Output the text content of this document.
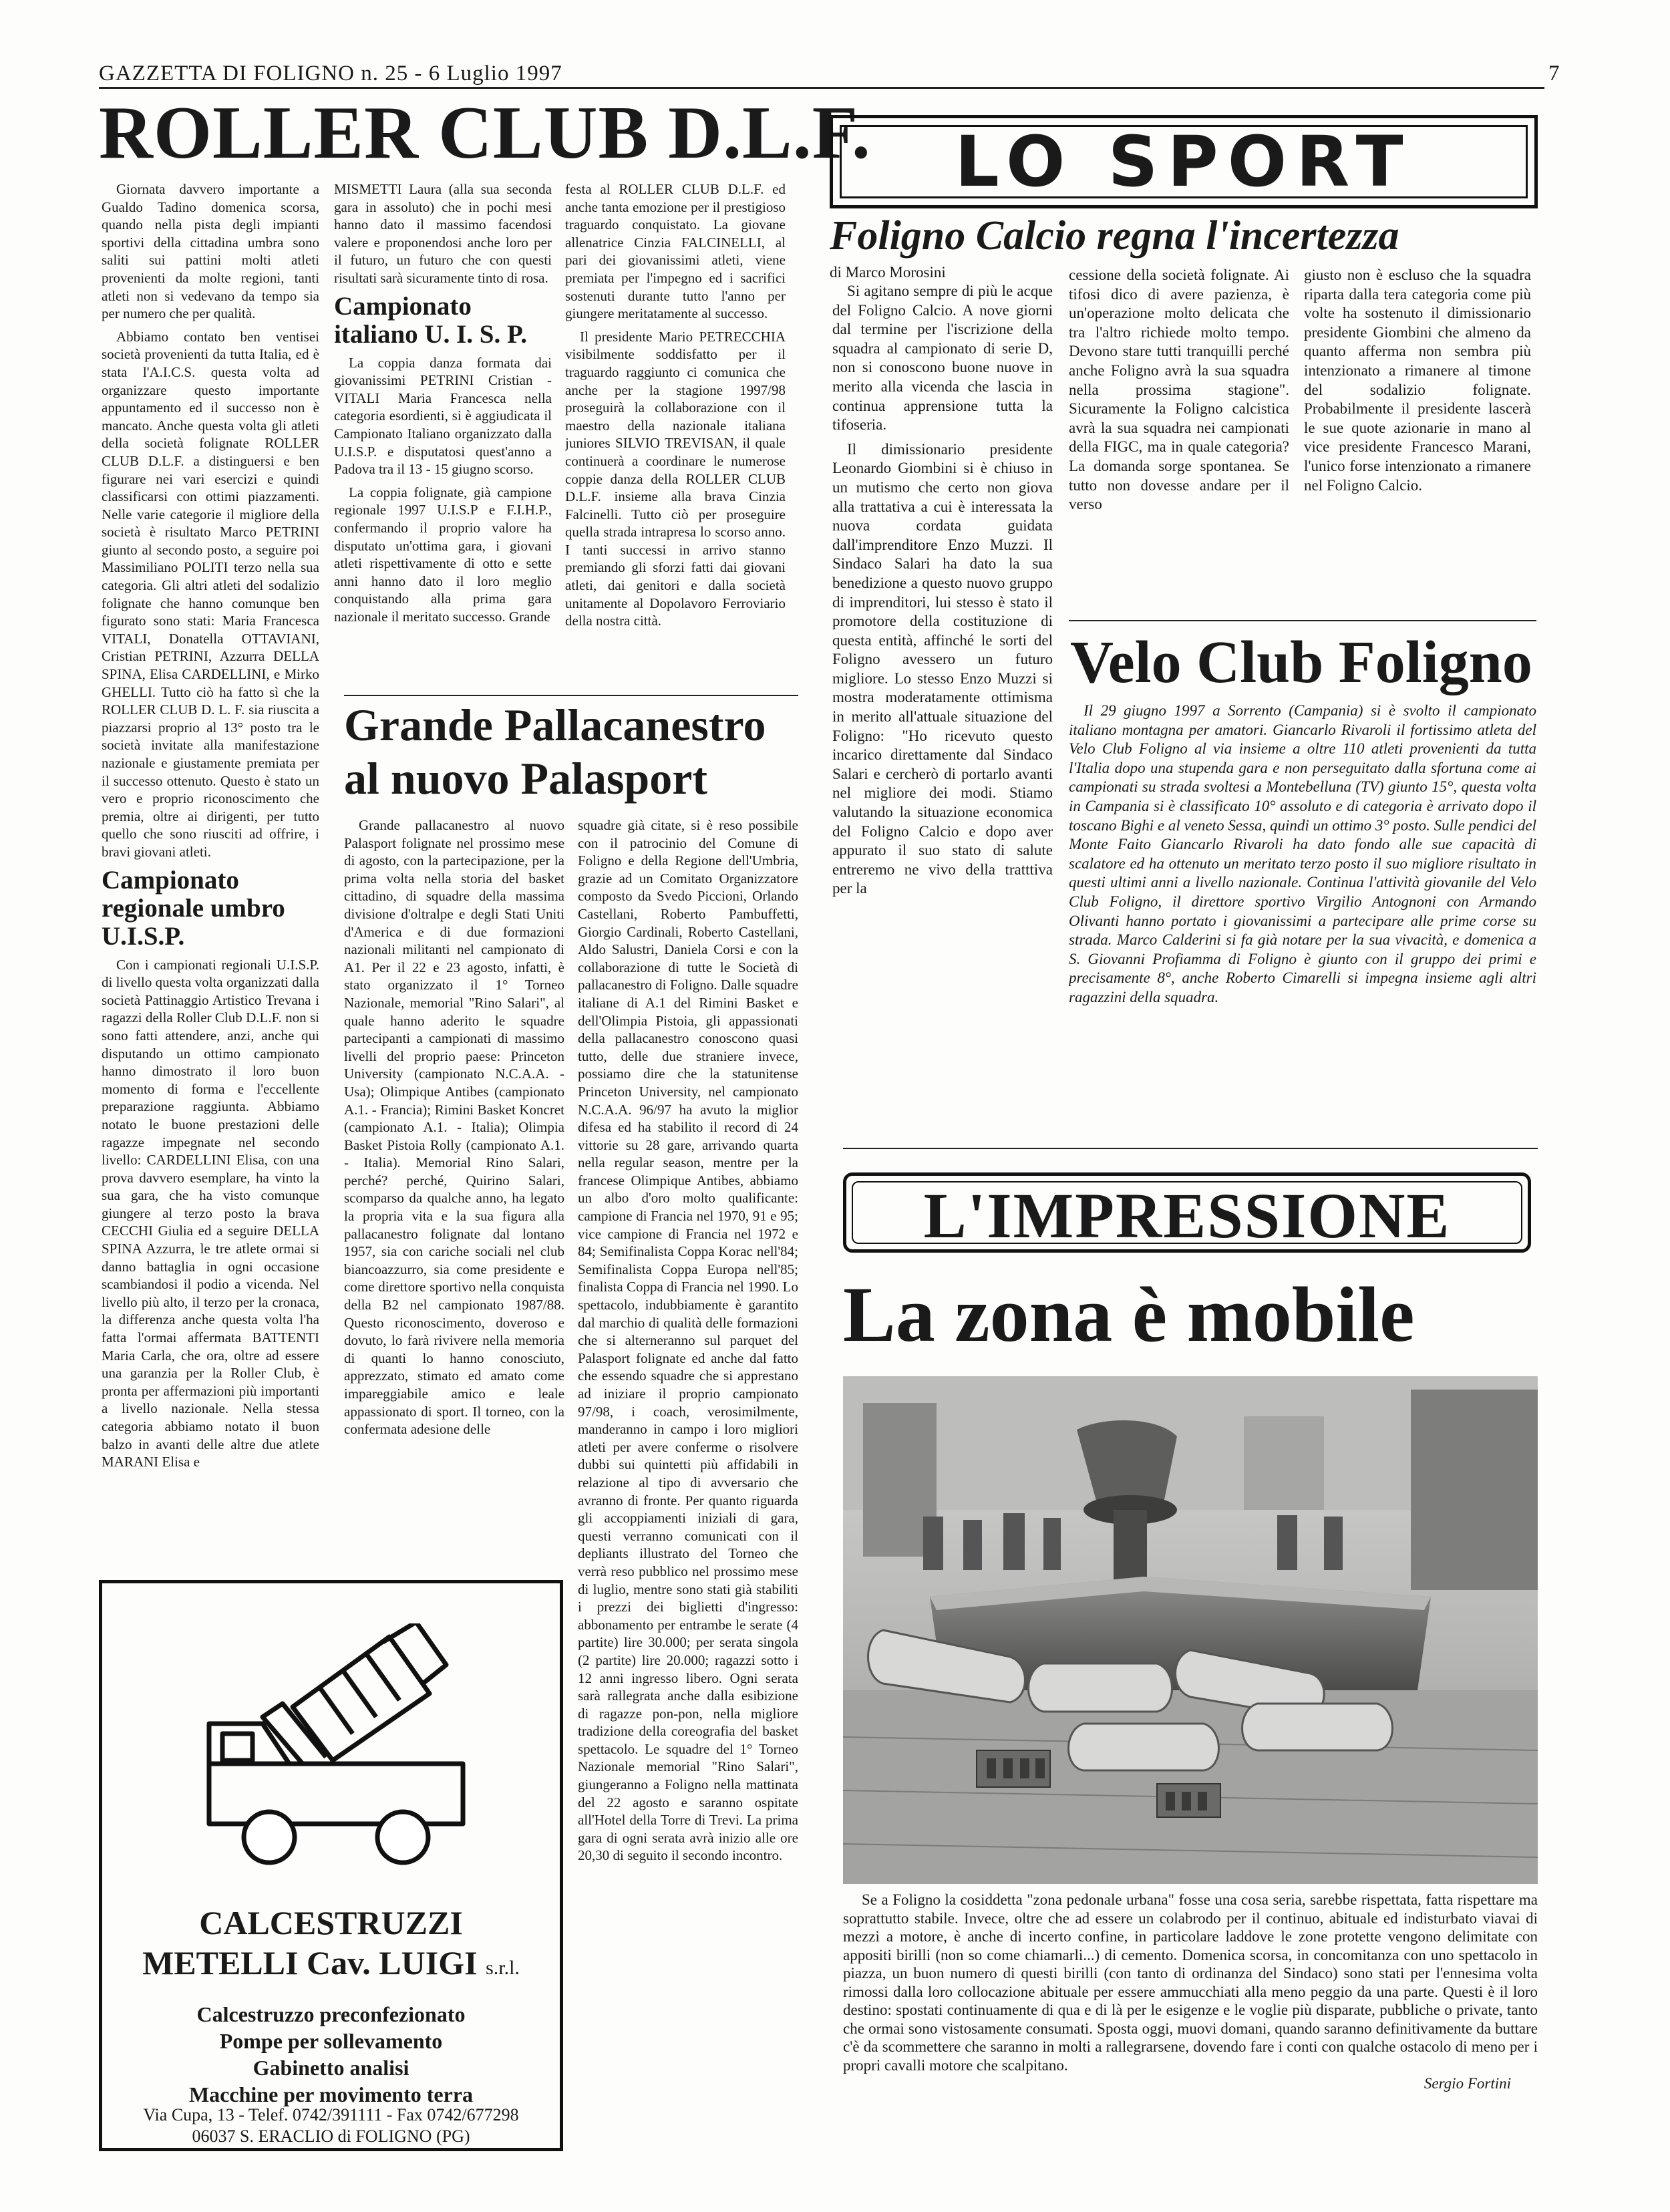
GAZZETTA DI FOLIGNO n. 25 - 6 Luglio 1997	7
ROLLER CLUB D.L.F.

Giornata davvero importante a Gualdo Tadino domenica scorsa, quando nella pista degli impianti sportivi della cittadina umbra sono saliti sui pattini molti atleti provenienti da molte regioni, tanti atleti non si vedevano da tempo sia per numero che per qualità.

Abbiamo contato ben ventisei società provenienti da tutta Italia, ed è stata l'A.I.C.S. questa volta ad organizzare questo importante appuntamento ed il successo non è mancato. Anche questa volta gli atleti della società folignate ROLLER CLUB D.L.F. a distinguersi e ben figurare nei vari esercizi e quindi classificarsi con ottimi piazzamenti. Nelle varie categorie il migliore della società è risultato Marco PETRINI giunto al secondo posto, a seguire poi Massimiliano POLITI terzo nella sua categoria. Gli altri atleti del sodalizio folignate che hanno comunque ben figurato sono stati: Maria Francesca VITALI, Donatella OTTAVIANI, Cristian PETRINI, Azzurra DELLA SPINA, Elisa CARDELLINI, e Mirko GHELLI. Tutto ciò ha fatto sì che la ROLLER CLUB D. L. F. sia riuscita a piazzarsi proprio al 13° posto tra le società invitate alla manifestazione nazionale e giustamente premiata per il successo ottenuto. Questo è stato un vero e proprio riconoscimento che premia, oltre ai dirigenti, per tutto quello che sono riusciti ad offrire, i bravi giovani atleti.

Campionato regionale umbro U.I.S.P.

Con i campionati regionali U.I.S.P. di livello questa volta organizzati dalla società Pattinaggio Artistico Trevana i ragazzi della Roller Club D.L.F. non si sono fatti attendere, anzi, anche qui disputando un ottimo campionato hanno dimostrato il loro buon momento di forma e l'eccellente preparazione raggiunta. Abbiamo notato le buone prestazioni delle ragazze impegnate nel secondo livello: CARDELLINI Elisa, con una prova davvero esemplare, ha vinto la sua gara, che ha visto comunque giungere al terzo posto la brava CECCHI Giulia ed a seguire DELLA SPINA Azzurra, le tre atlete ormai si danno battaglia in ogni occasione scambiandosi il podio a vicenda. Nel livello più alto, il terzo per la cronaca, la differenza anche questa volta l'ha fatta l'ormai affermata BATTENTI Maria Carla, che ora, oltre ad essere una garanzia per la Roller Club, è pronta per affermazioni più importanti a livello nazionale. Nella stessa categoria abbiamo notato il buon balzo in avanti delle altre due atlete MARANI Elisa e

MISMETTI Laura (alla sua seconda gara in assoluto) che in pochi mesi hanno dato il massimo facendosi valere e proponendosi anche loro per il futuro, un futuro che con questi risultati sarà sicuramente tinto di rosa.

Campionato italiano U. I. S. P.

La coppia danza formata dai giovanissimi PETRINI Cristian - VITALI Maria Francesca nella categoria esordienti, si è aggiudicata il Campionato Italiano organizzato dalla U.I.S.P. e disputatosi quest'anno a Padova tra il 13 - 15 giugno scorso.

La coppia folignate, già campione regionale 1997 U.I.S.P e F.I.H.P., confermando il proprio valore ha disputato un'ottima gara, i giovani atleti rispettivamente di otto e sette anni hanno dato il loro meglio conquistando alla prima gara nazionale il meritato successo. Grande

festa al ROLLER CLUB D.L.F. ed anche tanta emozione per il prestigioso traguardo conquistato. La giovane allenatrice Cinzia FALCINELLI, al pari dei giovanissimi atleti, viene premiata per l'impegno ed i sacrifici sostenuti durante tutto l'anno per giungere meritatamente al successo.

Il presidente Mario PETRECCHIA visibilmente soddisfatto per il traguardo raggiunto ci comunica che anche per la stagione 1997/98 proseguirà la collaborazione con il maestro della nazionale italiana juniores SILVIO TREVISAN, il quale continuerà a coordinare le numerose coppie danza della ROLLER CLUB D.L.F. insieme alla brava Cinzia Falcinelli. Tutto ciò per proseguire quella strada intrapresa lo scorso anno. I tanti successi in arrivo stanno premiando gli sforzi fatti dai giovani atleti, dai genitori e dalla società unitamente al Dopolavoro Ferroviario della nostra città.

Grande Pallacanestro al nuovo Palasport

Grande pallacanestro al nuovo Palasport folignate nel prossimo mese di agosto, con la partecipazione, per la prima volta nella storia del basket cittadino, di squadre della massima divisione d'oltralpe e degli Stati Uniti d'America e di due formazioni nazionali militanti nel campionato di A1. Per il 22 e 23 agosto, infatti, è stato organizzato il 1° Torneo Nazionale, memorial "Rino Salari", al quale hanno aderito le squadre partecipanti a campionati di massimo livelli del proprio paese: Princeton University (campionato N.C.A.A. - Usa); Olimpique Antibes (campionato A.1. - Francia); Rimini Basket Koncret (campionato A.1. - Italia); Olimpia Basket Pistoia Rolly (campionato A.1. - Italia). Memorial Rino Salari, perché? perché, Quirino Salari, scomparso da qualche anno, ha legato la propria vita e la sua figura alla pallacanestro folignate dal lontano 1957, sia con cariche sociali nel club biancoazzurro, sia come presidente e come direttore sportivo nella conquista della B2 nel campionato 1987/88. Questo riconoscimento, doveroso e dovuto, lo farà rivivere nella memoria di quanti lo hanno conosciuto, apprezzato, stimato ed amato come impareggiabile amico e leale appassionato di sport. Il torneo, con la confermata adesione delle

squadre già citate, si è reso possibile con il patrocinio del Comune di Foligno e della Regione dell'Umbria, grazie ad un Comitato Organizzatore composto da Svedo Piccioni, Orlando Castellani, Roberto Pambuffetti, Giorgio Cardinali, Roberto Castellani, Aldo Salustri, Daniela Corsi e con la collaborazione di tutte le Società di pallacanestro di Foligno. Dalle squadre italiane di A.1 del Rimini Basket e dell'Olimpia Pistoia, gli appassionati della pallacanestro conoscono quasi tutto, delle due straniere invece, possiamo dire che la statunitense Princeton University, nel campionato N.C.A.A. 96/97 ha avuto la miglior difesa ed ha stabilito il record di 24 vittorie su 28 gare, arrivando quarta nella regular season, mentre per la francese Olimpique Antibes, abbiamo un albo d'oro molto qualificante: campione di Francia nel 1970, 91 e 95; vice campione di Francia nel 1972 e 84; Semifinalista Coppa Korac nell'84; Semifinalista Coppa Europa nell'85; finalista Coppa di Francia nel 1990. Lo spettacolo, indubbiamente è garantito dal marchio di qualità delle formazioni che si alterneranno sul parquet del Palasport folignate ed anche dal fatto che essendo squadre che si apprestano ad iniziare il proprio campionato 97/98, i coach, verosimilmente, manderanno in campo i loro migliori atleti per avere conferme o risolvere dubbi sui quintetti più affidabili in relazione al tipo di avversario che avranno di fronte. Per quanto riguarda gli accoppiamenti iniziali di gara, questi verranno comunicati con il depliants illustrato del Torneo che verrà reso pubblico nel prossimo mese di luglio, mentre sono stati già stabiliti i prezzi dei biglietti d'ingresso: abbonamento per entrambe le serate (4 partite) lire 30.000; per serata singola (2 partite) lire 20.000; ragazzi sotto i 12 anni ingresso libero. Ogni serata sarà rallegrata anche dalla esibizione di ragazze pon-pon, nella migliore tradizione della coreografia del basket spettacolo. Le squadre del 1° Torneo Nazionale memorial "Rino Salari", giungeranno a Foligno nella mattinata del 22 agosto e saranno ospitate all'Hotel della Torre di Trevi. La prima gara di ogni serata avrà inizio alle ore 20,30 di seguito il secondo incontro.

LO SPORT
Foligno Calcio regna l'incertezza
di Marco Morosini

Si agitano sempre di più le acque del Foligno Calcio. A nove giorni dal termine per l'iscrizione della squadra al campionato di serie D, non si conoscono buone nuove in merito alla vicenda che lascia in continua apprensione tutta la tifoseria.

Il dimissionario presidente Leonardo Giombini si è chiuso in un mutismo che certo non giova alla trattativa a cui è interessata la nuova cordata guidata dall'imprenditore Enzo Muzzi. Il Sindaco Salari ha dato la sua benedizione a questo nuovo gruppo di imprenditori, lui stesso è stato il promotore della costituzione di questa entità, affinché le sorti del Foligno avessero un futuro migliore. Lo stesso Enzo Muzzi si mostra moderatamente ottimisma in merito all'attuale situazione del Foligno: "Ho ricevuto questo incarico direttamente dal Sindaco Salari e cercherò di portarlo avanti nel migliore dei modi. Stiamo valutando la situazione economica del Foligno Calcio e dopo aver appurato il suo stato di salute entreremo ne vivo della tratttiva per la

cessione della società folignate. Ai tifosi dico di avere pazienza, è un'operazione molto delicata che tra l'altro richiede molto tempo. Devono stare tutti tranquilli perché anche Foligno avrà la sua squadra nella prossima stagione". Sicuramente la Foligno calcistica avrà la sua squadra nei campionati della FIGC, ma in quale categoria? La domanda sorge spontanea. Se tutto non dovesse andare per il verso

giusto non è escluso che la squadra riparta dalla tera categoria come più volte ha sostenuto il dimissionario presidente Giombini che almeno da quanto afferma non sembra più intenzionato a rimanere al timone del sodalizio folignate. Probabilmente il presidente lascerà le sue quote azionarie in mano al vice presidente Francesco Marani, l'unico forse intenzionato a rimanere nel Foligno Calcio.

Velo Club Foligno

Il 29 giugno 1997 a Sorrento (Campania) si è svolto il campionato italiano montagna per amatori. Giancarlo Rivaroli il fortissimo atleta del Velo Club Foligno al via insieme a oltre 110 atleti provenienti da tutta l'Italia dopo una stupenda gara e non perseguitato dalla sfortuna come ai campionati su strada svoltesi a Montebelluna (TV) giunto 15°, questa volta in Campania si è classificato 10° assoluto e di categoria è arrivato dopo il toscano Bighi e al veneto Sessa, quindi un ottimo 3° posto. Sulle pendici del Monte Faito Giancarlo Rivaroli ha dato fondo alle sue capacità di scalatore ed ha ottenuto un meritato terzo posto il suo migliore risultato in questi ultimi anni a livello nazionale. Continua l'attività giovanile del Velo Club Foligno, il direttore sportivo Virgilio Antognoni con Armando Olivanti hanno portato i giovanissimi a partecipare alle prime corse su strada. Marco Calderini si fa già notare per la sua vivacità, e domenica a S. Giovanni Profiamma di Foligno è giunto con il gruppo dei primi e precisamente 8°, anche Roberto Cimarelli si impegna insieme agli altri ragazzini della squadra.

L'IMPRESSIONE
La zona è mobile

Se a Foligno la cosiddetta "zona pedonale urbana" fosse una cosa seria, sarebbe rispettata, fatta rispettare ma soprattutto stabile. Invece, oltre che ad essere un colabrodo per il continuo, abituale ed indisturbato viavai di mezzi a motore, è anche di incerto confine, in particolare laddove le zone protette vengono delimitate con appositi birilli (non so come chiamarli...) di cemento. Domenica scorsa, in concomitanza con uno spettacolo in piazza, un buon numero di questi birilli (con tanto di ordinanza del Sindaco) sono stati per l'ennesima volta rimossi dalla loro collocazione abituale per essere ammucchiati alla meno peggio da una parte. Questi è il loro destino: spostati continuamente di qua e di là per le esigenze e le voglie più disparate, pubbliche o private, tanto che ormai sono vistosamente consumati. Sposta oggi, muovi domani, quando saranno definitivamente da buttare c'è da scommettere che saranno in molti a rallegrarsene, dovendo fare i conti con qualche ostacolo di meno per i propri cavalli motore che scalpitano.

Sergio Fortini
CALCESTRUZZI
METELLI Cav. LUIGI s.r.l.
Calcestruzzo preconfezionato
Pompe per sollevamento
Gabinetto analisi
Macchine per movimento terra
Via Cupa, 13 - Telef. 0742/391111 - Fax 0742/677298
06037 S. ERACLIO di FOLIGNO (PG)
